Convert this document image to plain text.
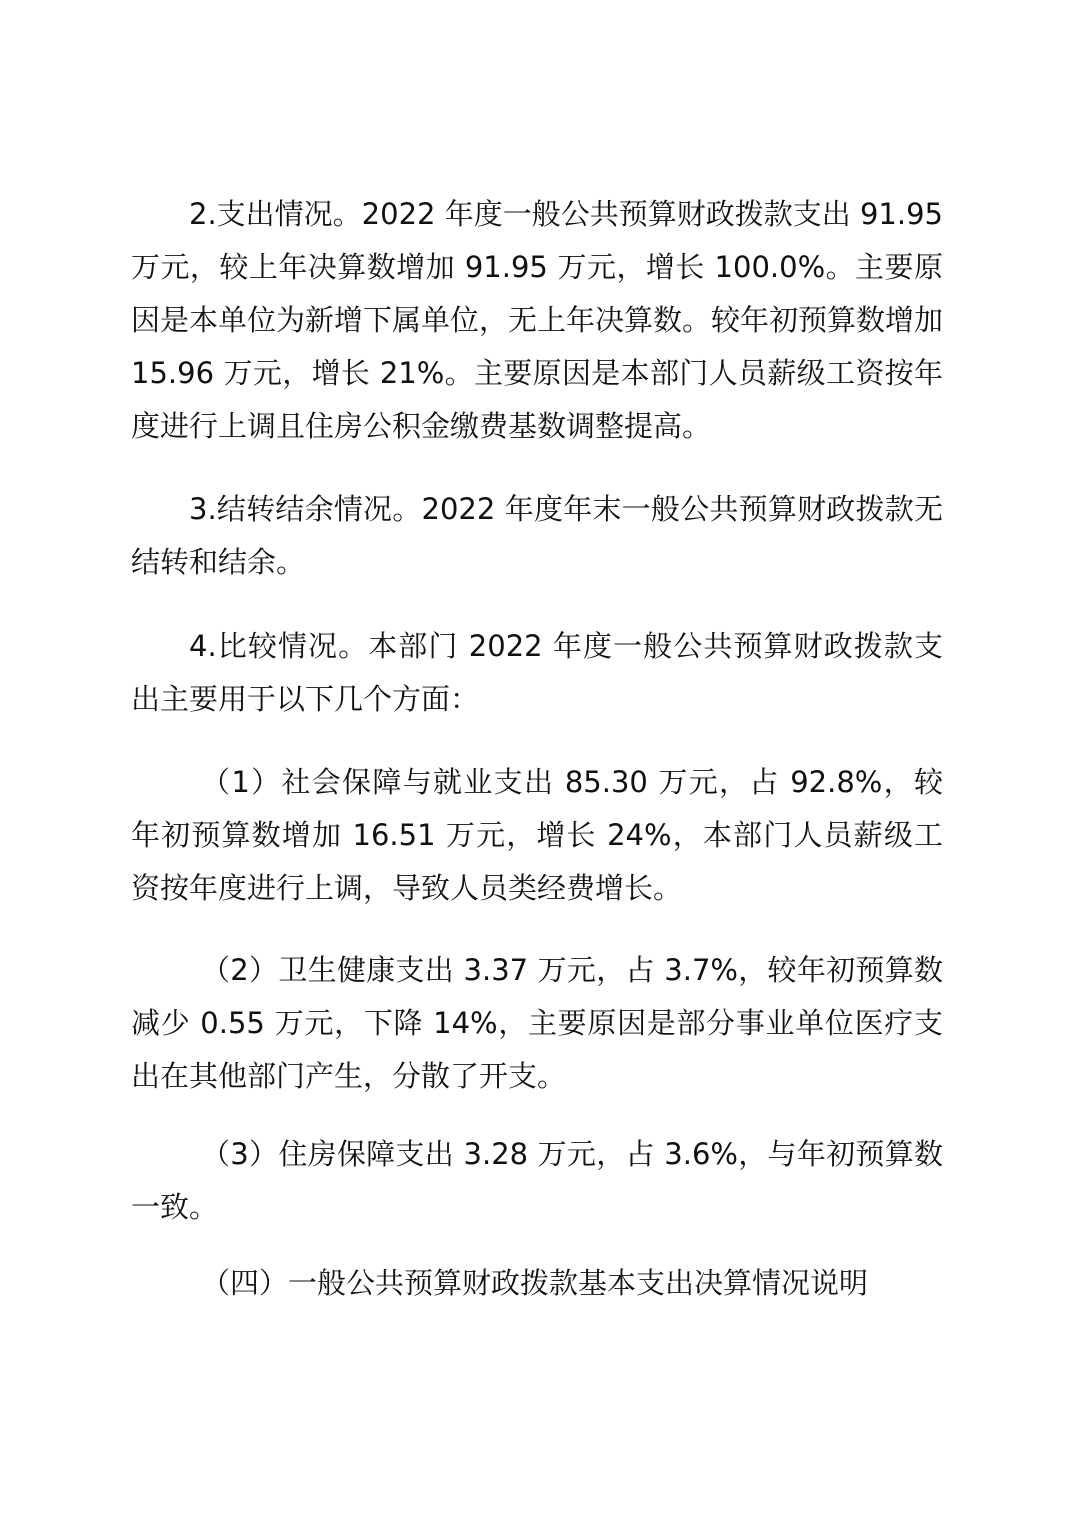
2.支出情况。2022 年度一般公共预算财政拨款支出 91.95 万元，较上年决算数增加 91.95 万元，增长 100.0%。主要原因是本单位为新增下属单位，无上年决算数。较年初预算数增加 15.96 万元，增长 21%。主要原因是本部门人员薪级工资按年度进行上调且住房公积金缴费基数调整提高。

3.结转结余情况。2022 年度年末一般公共预算财政拨款无结转和结余。

4.比较情况。本部门 2022 年度一般公共预算财政拨款支出主要用于以下几个方面：

（1）社会保障与就业支出 85.30 万元，占 92.8%，较年初预算数增加 16.51 万元，增长 24%，本部门人员薪级工资按年度进行上调，导致人员类经费增长。

（2）卫生健康支出 3.37 万元，占 3.7%，较年初预算数减少 0.55 万元，下降 14%，主要原因是部分事业单位医疗支出在其他部门产生，分散了开支。

（3）住房保障支出 3.28 万元，占 3.6%，与年初预算数一致。

（四）一般公共预算财政拨款基本支出决算情况说明
